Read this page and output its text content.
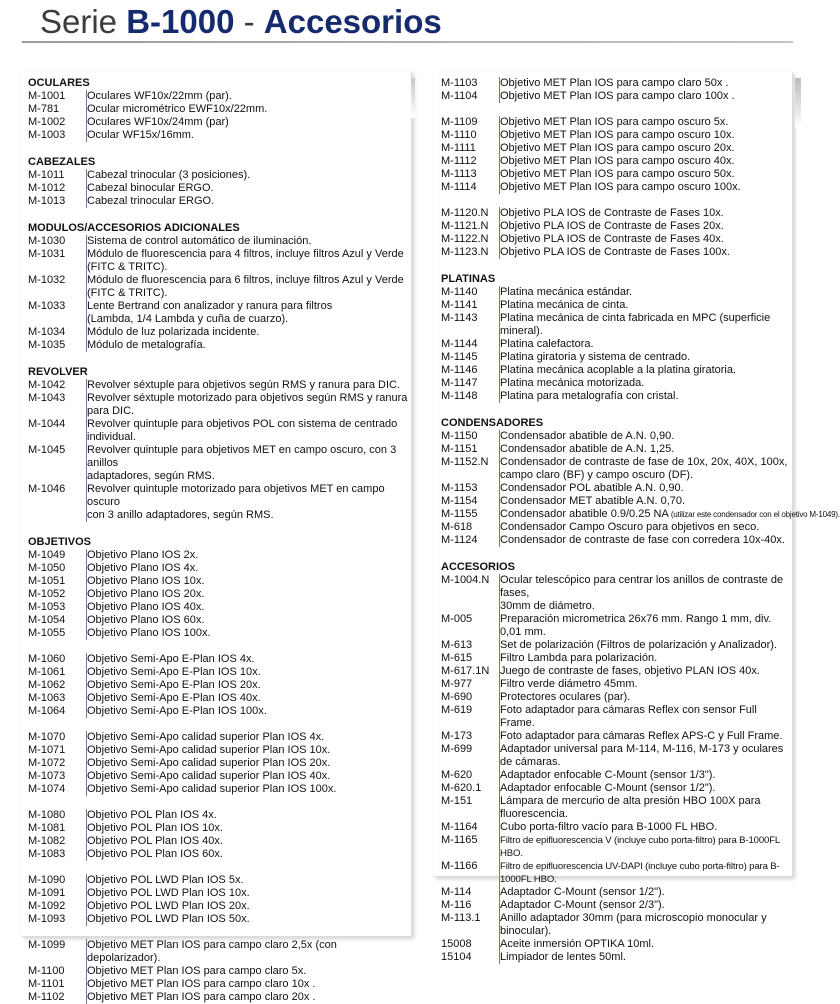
Serie B-1000 - Accesorios
OCULARES
M-1001	Oculares WF10x/22mm (par).
M-781	Ocular micrométrico EWF10x/22mm.
M-1002	Oculares WF10x/24mm (par)
M-1003	Ocular WF15x/16mm.
CABEZALES
M-1011	Cabezal trinocular (3 posiciones).
M-1012	Cabezal binocular ERGO.
M-1013	Cabezal trinocular ERGO.
MODULOS/ACCESORIOS ADICIONALES
M-1030	Sistema de control automático de iluminación.
M-1031	Módulo de fluorescencia para 4 filtros, incluye filtros Azul y Verde
(FITC & TRITC).
M-1032	Módulo de fluorescencia para 6 filtros, incluye filtros Azul y Verde
(FITC & TRITC).
M-1033	Lente Bertrand con analizador y ranura para filtros
(Lambda, 1/4 Lambda y cuña de cuarzo).
M-1034	Módulo de luz polarizada incidente.
M-1035	Módulo de metalografía.
REVOLVER
M-1042	Revolver séxtuple para objetivos según RMS y ranura para DIC.
M-1043	Revolver séxtuple motorizado para objetivos según RMS y ranura para DIC.
M-1044	Revolver quintuple para objetivos POL con sistema de centrado individual.
M-1045	Revolver quintuple para objetivos MET en campo oscuro, con 3 anillos
adaptadores, según RMS.
M-1046	Revolver quintuple motorizado para objetivos MET en campo oscuro
con 3 anillo adaptadores, según RMS.
OBJETIVOS
M-1049	Objetivo Plano IOS 2x.
M-1050	Objetivo Plano IOS 4x.
M-1051	Objetivo Plano IOS 10x.
M-1052	Objetivo Plano IOS 20x.
M-1053	Objetivo Plano IOS 40x.
M-1054	Objetivo Plano IOS 60x.
M-1055	Objetivo Plano IOS 100x.
M-1060	Objetivo Semi-Apo E-Plan IOS 4x.
M-1061	Objetivo Semi-Apo E-Plan IOS 10x.
M-1062	Objetivo Semi-Apo E-Plan IOS 20x.
M-1063	Objetivo Semi-Apo E-Plan IOS 40x.
M-1064	Objetivo Semi-Apo E-Plan IOS 100x.
M-1070	Objetivo Semi-Apo calidad superior Plan IOS 4x.
M-1071	Objetivo Semi-Apo calidad superior Plan IOS 10x.
M-1072	Objetivo Semi-Apo calidad superior Plan IOS 20x.
M-1073	Objetivo Semi-Apo calidad superior Plan IOS 40x.
M-1074	Objetivo Semi-Apo calidad superior Plan IOS 100x.
M-1080	Objetivo POL Plan IOS 4x.
M-1081	Objetivo POL Plan IOS 10x.
M-1082	Objetivo POL Plan IOS 40x.
M-1083	Objetivo POL Plan IOS 60x.
M-1090	Objetivo POL LWD Plan IOS 5x.
M-1091	Objetivo POL LWD Plan IOS 10x.
M-1092	Objetivo POL LWD Plan IOS 20x.
M-1093	Objetivo POL LWD Plan IOS 50x.
M-1099	Objetivo MET Plan IOS para campo claro 2,5x (con depolarizador).
M-1100	Objetivo MET Plan IOS para campo claro 5x.
M-1101	Objetivo MET Plan IOS para campo claro 10x .
M-1102	Objetivo MET Plan IOS para campo claro 20x .
M-1103	Objetivo MET Plan IOS para campo claro 50x .
M-1104	Objetivo MET Plan IOS para campo claro 100x .
M-1109	Objetivo MET Plan IOS para campo oscuro 5x.
M-1110	Objetivo MET Plan IOS para campo oscuro 10x.
M-1111	Objetivo MET Plan IOS para campo oscuro 20x.
M-1112	Objetivo MET Plan IOS para campo oscuro 40x.
M-1113	Objetivo MET Plan IOS para campo oscuro 50x.
M-1114	Objetivo MET Plan IOS para campo oscuro 100x.
M-1120.N	Objetivo PLA IOS de Contraste de Fases 10x.
M-1121.N	Objetivo PLA IOS de Contraste de Fases 20x.
M-1122.N	Objetivo PLA IOS de Contraste de Fases 40x.
M-1123.N	Objetivo PLA IOS de Contraste de Fases 100x.
PLATINAS
M-1140	Platina mecánica estándar.
M-1141	Platina mecánica de cinta.
M-1143	Platina mecánica de cinta fabricada en MPC (superficie mineral).
M-1144	Platina calefactora.
M-1145	Platina giratoria y sistema de centrado.
M-1146	Platina mecánica acoplable a la platina giratoria.
M-1147	Platina mecánica motorizada.
M-1148	Platina para metalografía con cristal.
CONDENSADORES
M-1150	Condensador abatible de A.N. 0,90.
M-1151	Condensador abatible de A.N. 1,25.
M-1152.N	Condensador de contraste de fase de 10x, 20x, 40X, 100x,
campo claro (BF) y campo oscuro (DF).
M-1153	Condensador POL abatible A.N. 0,90.
M-1154	Condensador MET abatible A.N. 0,70.
M-1155	Condensador abatible 0.9/0.25 NA (utilizar este condensador con el objetivo M-1049).
M-618	Condensador Campo Oscuro para objetivos en seco.
M-1124	Condensador de contraste de fase con corredera 10x-40x.
ACCESORIOS
M-1004.N Ocular telescópico para centrar los anillos de contraste de fases,
30mm de diámetro.
M-005	Preparación micrometrica 26x76 mm. Rango 1 mm, div. 0,01 mm.
M-613	Set de polarización (Filtros de polarización y Analizador).
M-615	Filtro Lambda para polarización.
M-617.1N Juego de contraste de fases, objetivo PLAN IOS 40x.
M-977	Filtro verde diámetro 45mm.
M-690	Protectores oculares (par).
M-619	Foto adaptador para cámaras Reflex con sensor Full Frame.
M-173	Foto adaptador para cámaras Reflex APS-C y Full Frame.
M-699	Adaptador universal para M-114, M-116, M-173 y oculares de cámaras.
M-620	Adaptador enfocable C-Mount (sensor 1/3").
M-620.1	Adaptador enfocable C-Mount (sensor 1/2").
M-151	Lámpara de mercurio de alta presión HBO 100X para fluorescencia.
M-1164	Cubo porta-filtro vacío para B-1000 FL HBO.
M-1165	Filtro de epifluorescencia V (incluye cubo porta-filtro) para B-1000FL HBO.
M-1166	Filtro de epifluorescencia UV-DAPI (incluye cubo porta-filtro) para B-1000FL HBO.
M-114	Adaptador C-Mount (sensor 1/2").
M-116	Adaptador C-Mount (sensor 2/3").
M-113.1	Anillo adaptador 30mm (para microscopio monocular y binocular).
15008	Aceite inmersión OPTIKA 10ml.
15104	Limpiador de lentes 50ml.
